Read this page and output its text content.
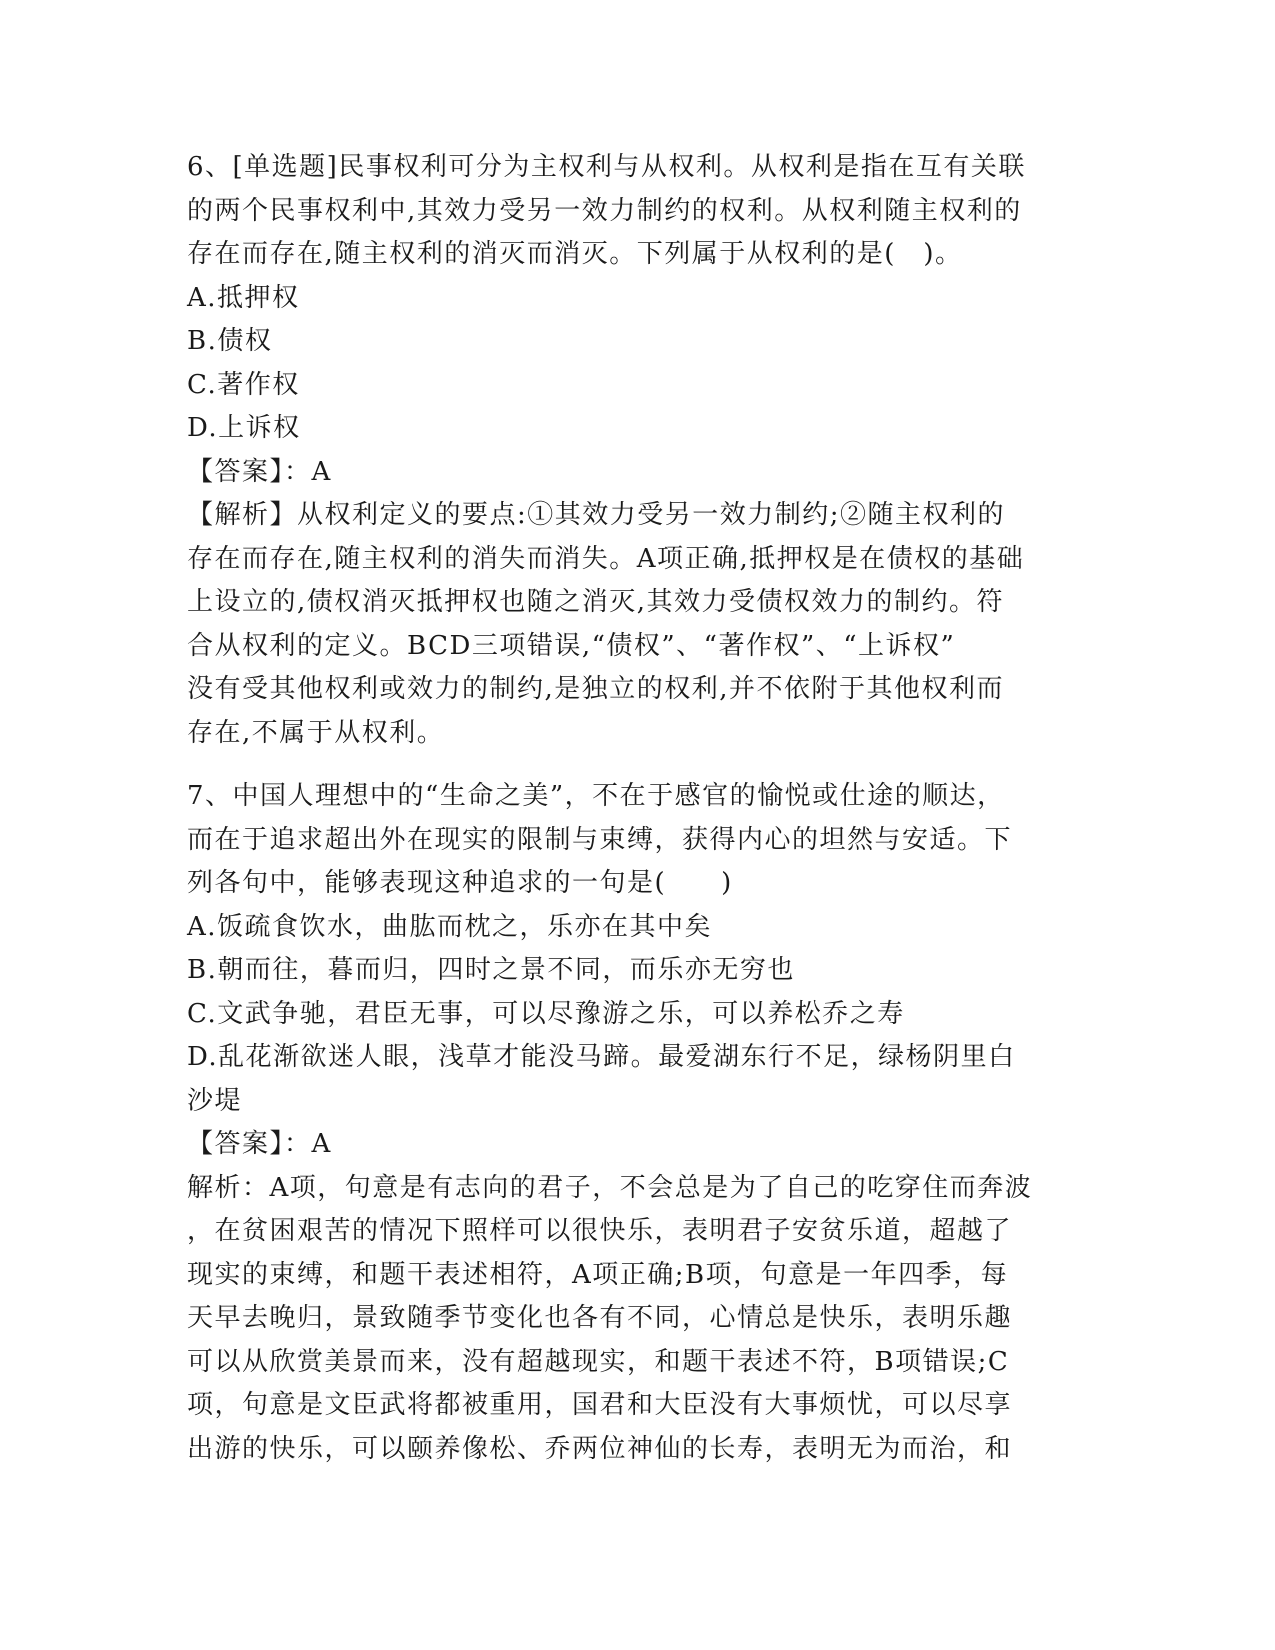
6、[单选题]民事权利可分为主权利与从权利。从权利是指在互有关联
的两个民事权利中,其效力受另一效力制约的权利。从权利随主权利的
存在而存在,随主权利的消灭而消灭。下列属于从权利的是(　)。
A.抵押权
B.债权
C.著作权
D.上诉权
【答案】：A
【解析】从权利定义的要点:①其效力受另一效力制约;②随主权利的
存在而存在,随主权利的消失而消失。A项正确,抵押权是在债权的基础
上设立的,债权消灭抵押权也随之消灭,其效力受债权效力的制约。符
合从权利的定义。BCD三项错误,“债权”、“著作权”、“上诉权”
没有受其他权利或效力的制约,是独立的权利,并不依附于其他权利而
存在,不属于从权利。
7、中国人理想中的“生命之美”，不在于感官的愉悦或仕途的顺达，
而在于追求超出外在现实的限制与束缚，获得内心的坦然与安适。下
列各句中，能够表现这种追求的一句是(　　)
A.饭疏食饮水，曲肱而枕之，乐亦在其中矣
B.朝而往，暮而归，四时之景不同，而乐亦无穷也
C.文武争驰，君臣无事，可以尽豫游之乐，可以养松乔之寿
D.乱花渐欲迷人眼，浅草才能没马蹄。最爱湖东行不足，绿杨阴里白
沙堤
【答案】：A
解析：A项，句意是有志向的君子，不会总是为了自己的吃穿住而奔波
，在贫困艰苦的情况下照样可以很快乐，表明君子安贫乐道，超越了
现实的束缚，和题干表述相符，A项正确;B项，句意是一年四季，每
天早去晚归，景致随季节变化也各有不同，心情总是快乐，表明乐趣
可以从欣赏美景而来，没有超越现实，和题干表述不符，B项错误;C
项，句意是文臣武将都被重用，国君和大臣没有大事烦忧，可以尽享
出游的快乐，可以颐养像松、乔两位神仙的长寿，表明无为而治，和
